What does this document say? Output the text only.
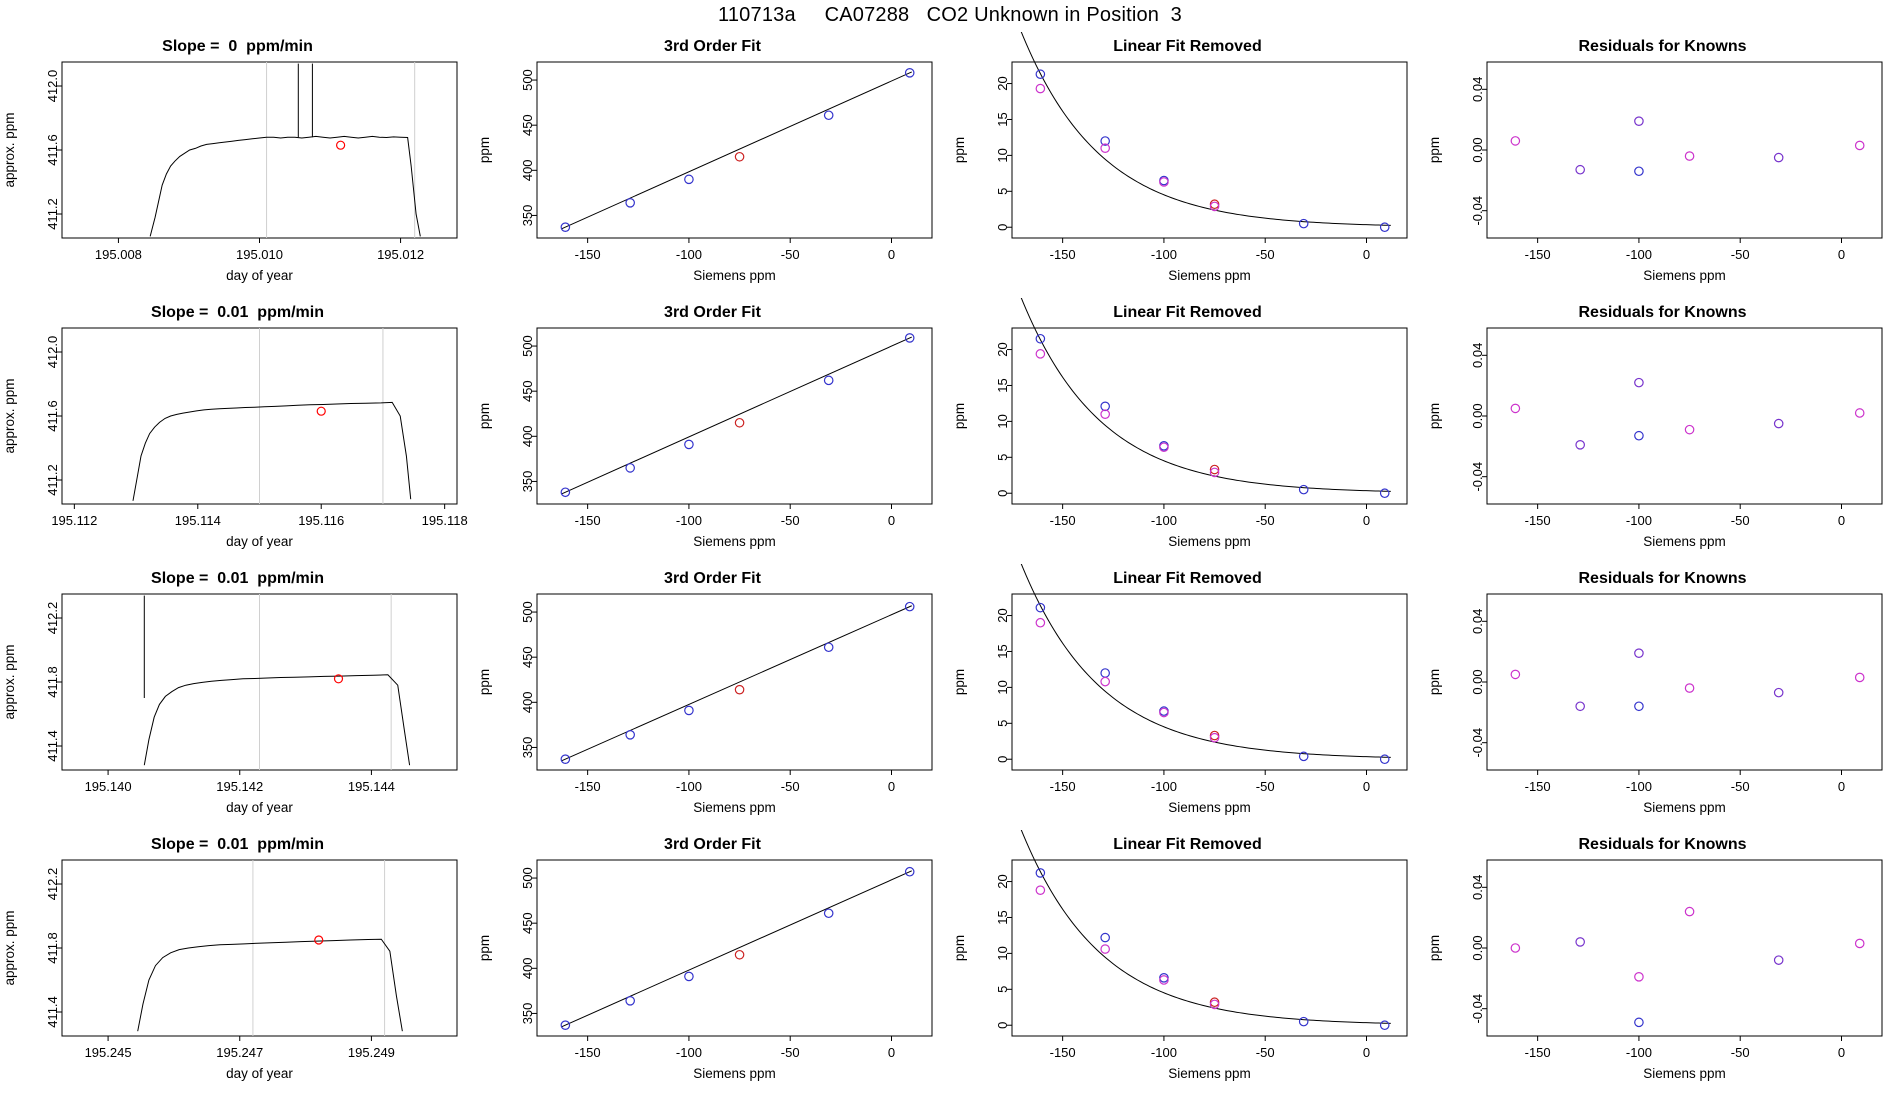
110713a     CA07288   CO2 Unknown in Position  3
Slope =  0  ppm/min
195.008	195.010	195.012
411.2
411.6
412.0
day of year
approx. ppm
3rd Order Fit
-150	-100	-50	0
350
400
450
500
Siemens ppm
ppm
Linear Fit Removed
-150	-100	-50	0
0
5
10
15
20
Siemens ppm
ppm
Residuals for Knowns
-150	-100	-50	0
-0.04
0.00
0.04
Siemens ppm
ppm
Slope =  0.01  ppm/min
195.112	195.114	195.116	195.118
411.2
411.6
412.0
day of year
approx. ppm
3rd Order Fit
-150	-100	-50	0
350
400
450
500
Siemens ppm
ppm
Linear Fit Removed
-150	-100	-50	0
0
5
10
15
20
Siemens ppm
ppm
Residuals for Knowns
-150	-100	-50	0
-0.04
0.00
0.04
Siemens ppm
ppm
Slope =  0.01  ppm/min
195.140	195.142	195.144
411.4
411.8
412.2
day of year
approx. ppm
3rd Order Fit
-150	-100	-50	0
350
400
450
500
Siemens ppm
ppm
Linear Fit Removed
-150	-100	-50	0
0
5
10
15
20
Siemens ppm
ppm
Residuals for Knowns
-150	-100	-50	0
-0.04
0.00
0.04
Siemens ppm
ppm
Slope =  0.01  ppm/min
195.245	195.247	195.249
411.4
411.8
412.2
day of year
approx. ppm
3rd Order Fit
-150	-100	-50	0
350
400
450
500
Siemens ppm
ppm
Linear Fit Removed
-150	-100	-50	0
0
5
10
15
20
Siemens ppm
ppm
Residuals for Knowns
-150	-100	-50	0
-0.04
0.00
0.04
Siemens ppm
ppm
